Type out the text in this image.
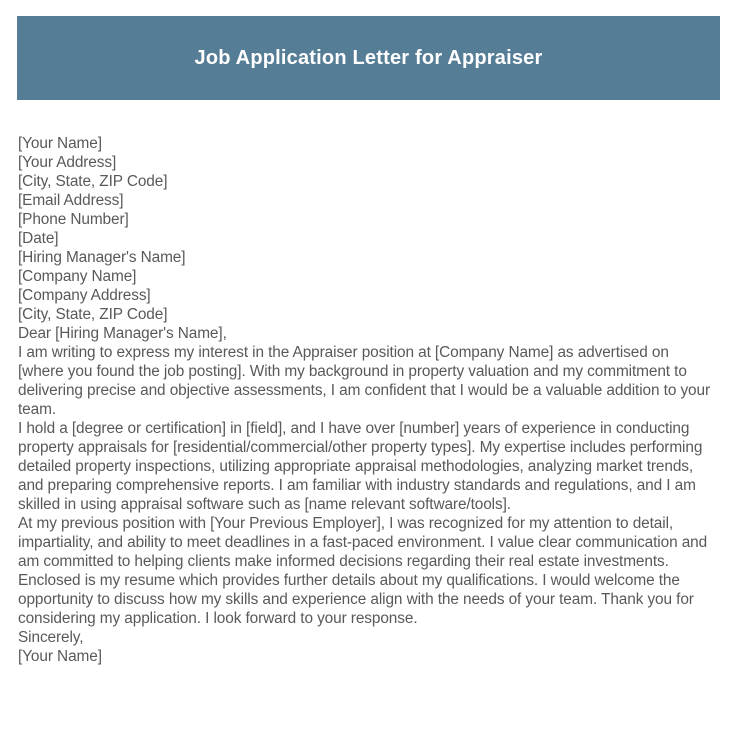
Job Application Letter for Appraiser
[Your Name]
[Your Address]
[City, State, ZIP Code]
[Email Address]
[Phone Number]
[Date]
[Hiring Manager's Name]
[Company Name]
[Company Address]
[City, State, ZIP Code]
Dear [Hiring Manager's Name],

I am writing to express my interest in the Appraiser position at [Company Name] as advertised on [where you found the job posting]. With my background in property valuation and my commitment to delivering precise and objective assessments, I am confident that I would be a valuable addition to your team.

I hold a [degree or certification] in [field], and I have over [number] years of experience in conducting property appraisals for [residential/commercial/other property types]. My expertise includes performing detailed property inspections, utilizing appropriate appraisal methodologies, analyzing market trends, and preparing comprehensive reports. I am familiar with industry standards and regulations, and I am skilled in using appraisal software such as [name relevant software/tools].

At my previous position with [Your Previous Employer], I was recognized for my attention to detail, impartiality, and ability to meet deadlines in a fast-paced environment. I value clear communication and am committed to helping clients make informed decisions regarding their real estate investments.

Enclosed is my resume which provides further details about my qualifications. I would welcome the opportunity to discuss how my skills and experience align with the needs of your team. Thank you for considering my application. I look forward to your response.

Sincerely,
[Your Name]
